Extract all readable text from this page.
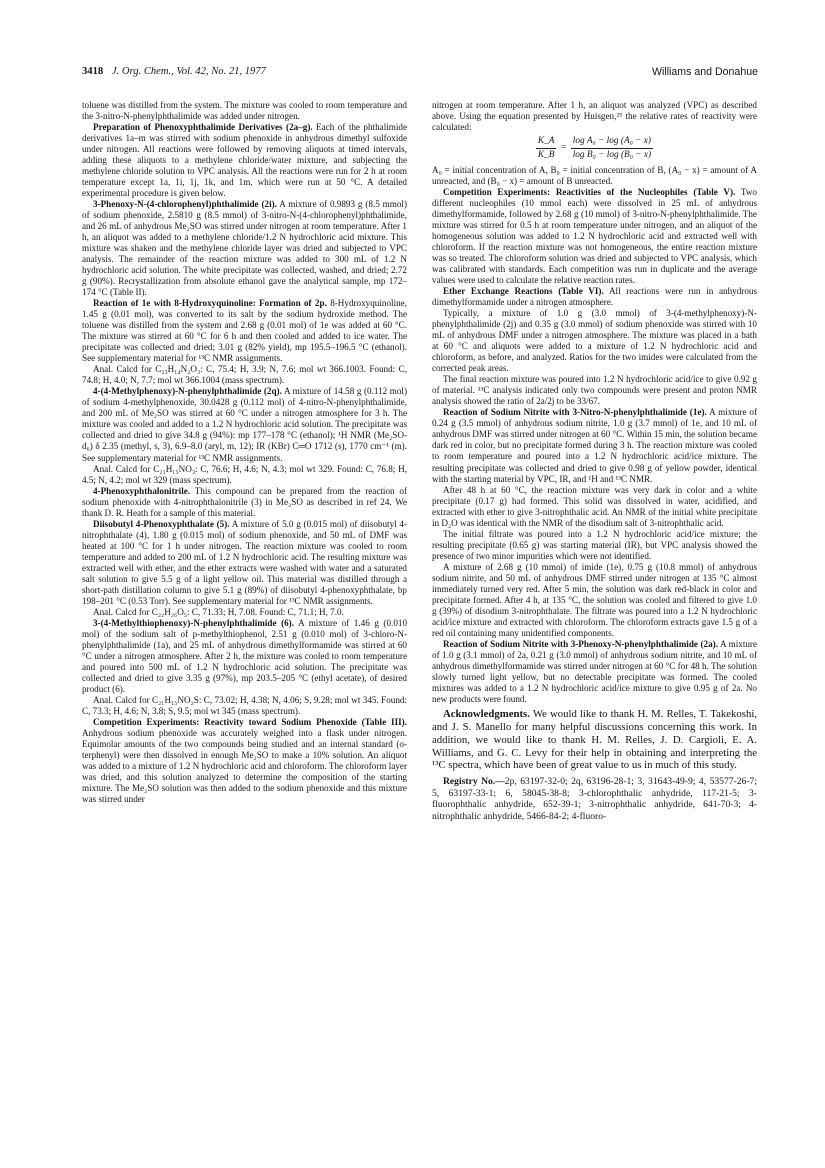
3418 J. Org. Chem., Vol. 42, No. 21, 1977	Williams and Donahue

toluene was distilled from the system. The mixture was cooled to room temperature and the 3-nitro-N-phenylphthalimide was added under nitrogen.

Preparation of Phenoxyphthalimide Derivatives (2a–g). Each of the phthalimide derivatives 1a–m was stirred with sodium phenoxide in anhydrous dimethyl sulfoxide under nitrogen. All reactions were followed by removing aliquots at timed intervals, adding these aliquots to a methylene chloride/water mixture, and subjecting the methylene chloride solution to VPC analysis. All the reactions were run for 2 h at room temperature except 1a, 1i, 1j, 1k, and 1m, which were run at 50 °C. A detailed experimental procedure is given below.

3-Phenoxy-N-(4-chlorophenyl)phthalimide (2i). A mixture of 0.9893 g (8.5 mmol) of sodium phenoxide, 2.5810 g (8.5 mmol) of 3-nitro-N-(4-chlorophenyl)phthalimide, and 26 mL of anhydrous Me₂SO was stirred under nitrogen at room temperature. After 1 h, an aliquot was added to a methylene chloride/1.2 N hydrochloric acid mixture. This mixture was shaken and the methylene chloride layer was dried and subjected to VPC analysis. The remainder of the reaction mixture was added to 300 mL of 1.2 N hydrochloric acid solution. The white precipitate was collected, washed, and dried; 2.72 g (90%). Recrystallization from absolute ethanol gave the analytical sample, mp 172–174 °C (Table II).

Reaction of 1e with 8-Hydroxyquinoline: Formation of 2p. 8-Hydroxyquinoline, 1.45 g (0.01 mol), was converted to its salt by the sodium hydroxide method. The toluene was distilled from the system and 2.68 g (0.01 mol) of 1e was added at 60 °C. The mixture was stirred at 60 °C for 6 h and then cooled and added to ice water. The precipitate was collected and dried; 3.01 g (82% yield), mp 195.5–196.5 °C (ethanol). See supplementary material for ¹³C NMR assignments.

Anal. Calcd for C₂₃H₁₄N₂O₃: C, 75.4; H, 3.9; N, 7.6; mol wt 366.1003. Found: C, 74.8; H, 4.0; N, 7.7; mol wt 366.1004 (mass spectrum).

4-(4-Methylphenoxy)-N-phenylphthalimide (2q). A mixture of 14.58 g (0.112 mol) of sodium 4-methylphenoxide, 30.0428 g (0.112 mol) of 4-nitro-N-phenylphthalimide, and 200 mL of Me₂SO was stirred at 60 °C under a nitrogen atmosphere for 3 h. The mixture was cooled and added to a 1.2 N hydrochloric acid solution. The precipitate was collected and dried to give 34.8 g (94%): mp 177–178 °C (ethanol); ¹H NMR (Me₂SO-d₆) δ 2.35 (methyl, s, 3), 6.9–8.0 (aryl, m, 12); IR (KBr) C═O 1712 (s), 1770 cm⁻¹ (m). See supplementary material for ¹³C NMR assignments.

Anal. Calcd for C₂₁H₁₅NO₃: C, 76.6; H, 4.6; N, 4.3; mol wt 329. Found: C, 76.8; H, 4.5; N, 4.2; mol wt 329 (mass spectrum).

4-Phenoxyphthalonitrile. This compound can be prepared from the reaction of sodium phenoxide with 4-nitrophthalonitrile (3) in Me₂SO as described in ref 24. We thank D. R. Heath for a sample of this material.

Diisobutyl 4-Phenoxyphthalate (5). A mixture of 5.0 g (0.015 mol) of diisobutyl 4-nitrophthalate (4), 1.80 g (0.015 mol) of sodium phenoxide, and 50 mL of DMF was heated at 100 °C for 1 h under nitrogen. The reaction mixture was cooled to room temperature and added to 200 mL of 1.2 N hydrochloric acid. The resulting mixture was extracted well with ether, and the ether extracts were washed with water and a saturated salt solution to give 5.5 g of a light yellow oil. This material was distilled through a short-path distillation column to give 5.1 g (89%) of diisobutyl 4-phenoxyphthalate, bp 198–201 °C (0.53 Torr). See supplementary material for ¹³C NMR assignments.

Anal. Calcd for C₂₂H₂₆O₅: C, 71.33; H, 7.08. Found: C, 71.1; H, 7.0.

3-(4-Methylthiophenoxy)-N-phenylphthalimide (6). A mixture of 1.46 g (0.010 mol) of the sodium salt of p-methylthiophenol, 2.51 g (0.010 mol) of 3-chloro-N-phenylphthalimide (1a), and 25 mL of anhydrous dimethylformamide was stirred at 60 °C under a nitrogen atmosphere. After 2 h, the mixture was cooled to room temperature and poured into 500 mL of 1.2 N hydrochloric acid solution. The precipitate was collected and dried to give 3.35 g (97%), mp 203.5–205 °C (ethyl acetate), of desired product (6).

Anal. Calcd for C₂₁H₁₅NO₂S: C, 73.02; H, 4.38; N, 4.06; S, 9.28; mol wt 345. Found: C, 73.3; H, 4.6; N, 3.8; S, 9.5; mol wt 345 (mass spectrum).

Competition Experiments: Reactivity toward Sodium Phenoxide (Table III). Anhydrous sodium phenoxide was accurately weighed into a flask under nitrogen. Equimolar amounts of the two compounds being studied and an internal standard (o-terphenyl) were then dissolved in enough Me₂SO to make a 10% solution. An aliquot was added to a mixture of 1.2 N hydrochloric acid and chloroform. The chloroform layer was dried, and this solution analyzed to determine the composition of the starting mixture. The Me₂SO solution was then added to the sodium phenoxide and this mixture was stirred under

nitrogen at room temperature. After 1 h, an aliquot was analyzed (VPC) as described above. Using the equation presented by Huisgen,²⁵ the relative rates of reactivity were calculated:

$\frac{K\_A}{K\_B} = \frac{\text{log A₀ − log (A₀ − x)}}{\text{log B₀ − log (B₀ − x)}}$

A₀ = initial concentration of A, B₀ = initial concentration of B, (A₀ − x) = amount of A unreacted, and (B₀ − x) = amount of B unreacted.

Competition Experiments: Reactivities of the Nucleophiles (Table V). Two different nucleophiles (10 mmol each) were dissolved in 25 mL of anhydrous dimethylformamide, followed by 2.68 g (10 mmol) of 3-nitro-N-phenylphthalimide. The mixture was stirred for 0.5 h at room temperature under nitrogen, and an aliquot of the homogeneous solution was added to 1.2 N hydrochloric acid and extracted well with chloroform. If the reaction mixture was not homogeneous, the entire reaction mixture was so treated. The chloroform solution was dried and subjected to VPC analysis, which was calibrated with standards. Each competition was run in duplicate and the average values were used to calculate the relative reaction rates.

Ether Exchange Reactions (Table VI). All reactions were run in anhydrous dimethylformamide under a nitrogen atmosphere.

Typically, a mixture of 1.0 g (3.0 mmol) of 3-(4-methylphenoxy)-N-phenylphthalimide (2j) and 0.35 g (3.0 mmol) of sodium phenoxide was stirred with 10 mL of anhydrous DMF under a nitrogen atmosphere. The mixture was placed in a bath at 60 °C and aliquots were added to a mixture of 1.2 N hydrochloric acid and chloroform, as before, and analyzed. Ratios for the two imides were calculated from the corrected peak areas.

The final reaction mixture was poured into 1.2 N hydrochloric acid/ice to give 0.92 g of material. ¹³C analysis indicated only two compounds were present and proton NMR analysis showed the ratio of 2a/2j to be 33/67.

Reaction of Sodium Nitrite with 3-Nitro-N-phenylphthalimide (1e). A mixture of 0.24 g (3.5 mmol) of anhydrous sodium nitrite, 1.0 g (3.7 mmol) of 1e, and 10 mL of anhydrous DMF was stirred under nitrogen at 60 °C. Within 15 min, the solution became dark red in color, but no precipitate formed during 3 h. The reaction mixture was cooled to room temperature and poured into a 1.2 N hydrochloric acid/ice mixture. The resulting precipitate was collected and dried to give 0.98 g of yellow powder, identical with the starting material by VPC, IR, and ¹H and ¹³C NMR.

After 48 h at 60 °C, the reaction mixture was very dark in color and a white precipitate (0.17 g) had formed. This solid was dissolved in water, acidified, and extracted with ether to give 3-nitrophthalic acid. An NMR of the initial white precipitate in D₂O was identical with the NMR of the disodium salt of 3-nitrophthalic acid.

The initial filtrate was poured into a 1.2 N hydrochloric acid/ice mixture; the resulting precipitate (0.65 g) was starting material (IR), but VPC analysis showed the presence of two minor impurities which were not identified.

A mixture of 2.68 g (10 mmol) of imide (1e), 0.75 g (10.8 mmol) of anhydrous sodium nitrite, and 50 mL of anhydrous DMF stirred under nitrogen at 135 °C almost immediately turned very red. After 5 min, the solution was dark red-black in color and precipitate formed. After 4 h, at 135 °C, the solution was cooled and filtered to give 1.0 g (39%) of disodium 3-nitrophthalate. The filtrate was poured into a 1.2 N hydrochloric acid/ice mixture and extracted with chloroform. The chloroform extracts gave 1.5 g of a red oil containing many unidentified components.

Reaction of Sodium Nitrite with 3-Phenoxy-N-phenylphthalimide (2a). A mixture of 1.0 g (3.1 mmol) of 2a, 0.21 g (3.0 mmol) of anhydrous sodium nitrite, and 10 mL of anhydrous dimethylformamide was stirred under nitrogen at 60 °C for 48 h. The solution slowly turned light yellow, but no detectable precipitate was formed. The cooled mixtures was added to a 1.2 N hydrochloric acid/ice mixture to give 0.95 g of 2a. No new products were found.

Acknowledgments. We would like to thank H. M. Relles, T. Takekoshi, and J. S. Manello for many helpful discussions concerning this work. In addition, we would like to thank H. M. Relles, J. D. Cargioli, E. A. Williams, and G. C. Levy for their help in obtaining and interpreting the ¹³C spectra, which have been of great value to us in much of this study.

Registry No.—2p, 63197-32-0; 2q, 63196-28-1; 3, 31643-49-9; 4, 53577-26-7; 5, 63197-33-1; 6, 58045-38-8; 3-chlorophthalic anhydride, 117-21-5; 3-fluorophthalic anhydride, 652-39-1; 3-nitrophthalic anhydride, 641-70-3; 4-nitrophthalic anhydride, 5466-84-2; 4-fluoro-
